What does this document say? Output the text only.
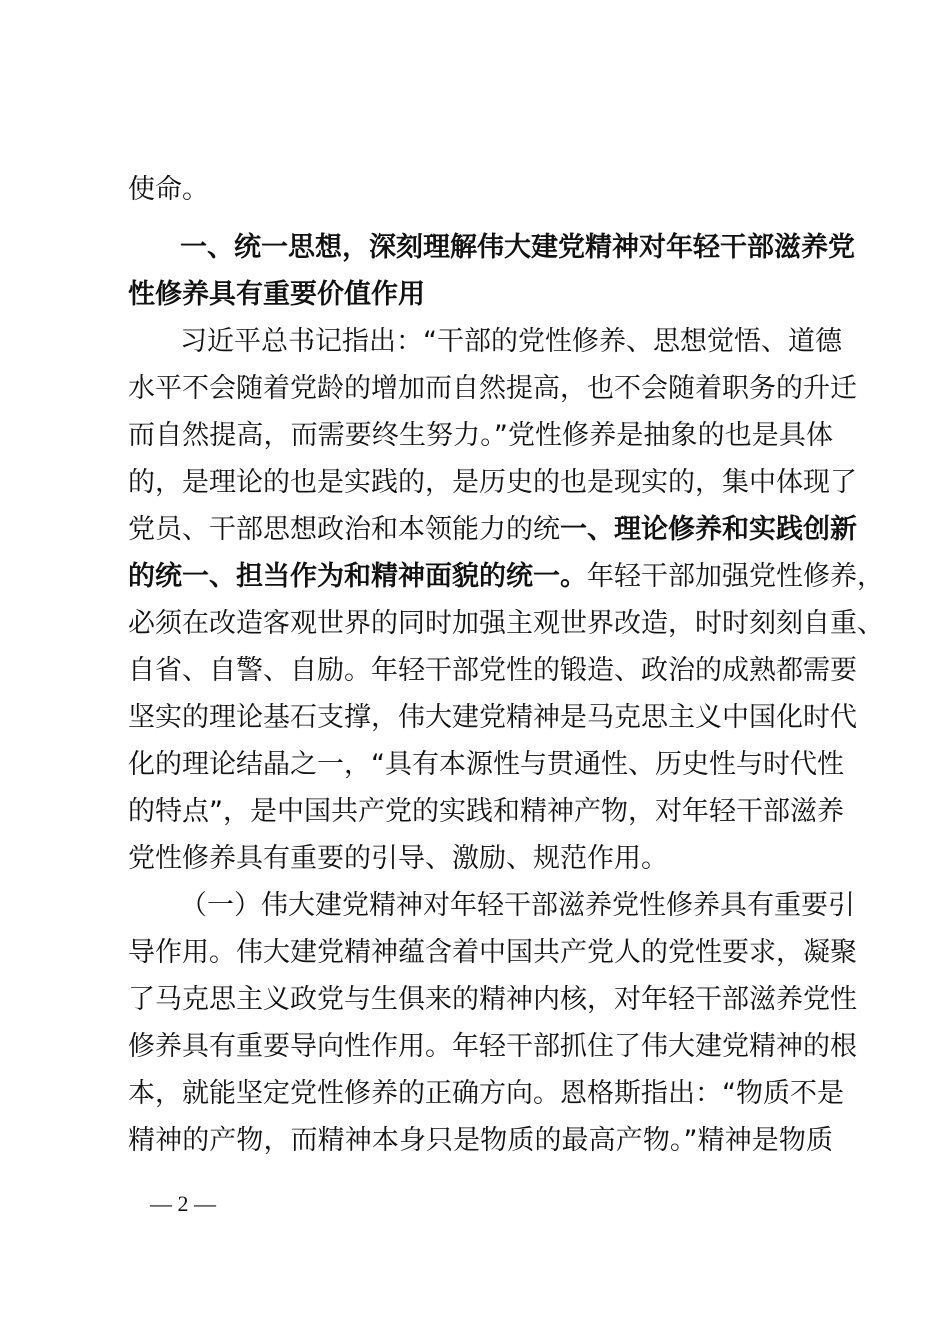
使命。
一、统一思想，深刻理解伟大建党精神对年轻干部滋养党
性修养具有重要价值作用
习近平总书记指出：“干部的党性修养、思想觉悟、道德
水平不会随着党龄的增加而自然提高，也不会随着职务的升迁
而自然提高，而需要终生努力。”党性修养是抽象的也是具体
的，是理论的也是实践的，是历史的也是现实的，集中体现了
党员、干部思想政治和本领能力的统一、理论修养和实践创新
的统一、担当作为和精神面貌的统一。年轻干部加强党性修养，
必须在改造客观世界的同时加强主观世界改造，时时刻刻自重、
自省、自警、自励。年轻干部党性的锻造、政治的成熟都需要
坚实的理论基石支撑，伟大建党精神是马克思主义中国化时代
化的理论结晶之一，“具有本源性与贯通性、历史性与时代性
的特点”，是中国共产党的实践和精神产物，对年轻干部滋养
党性修养具有重要的引导、激励、规范作用。
（一）伟大建党精神对年轻干部滋养党性修养具有重要引
导作用。伟大建党精神蕴含着中国共产党人的党性要求，凝聚
了马克思主义政党与生俱来的精神内核，对年轻干部滋养党性
修养具有重要导向性作用。年轻干部抓住了伟大建党精神的根
本，就能坚定党性修养的正确方向。恩格斯指出：“物质不是
精神的产物，而精神本身只是物质的最高产物。”精神是物质
— 2 —
